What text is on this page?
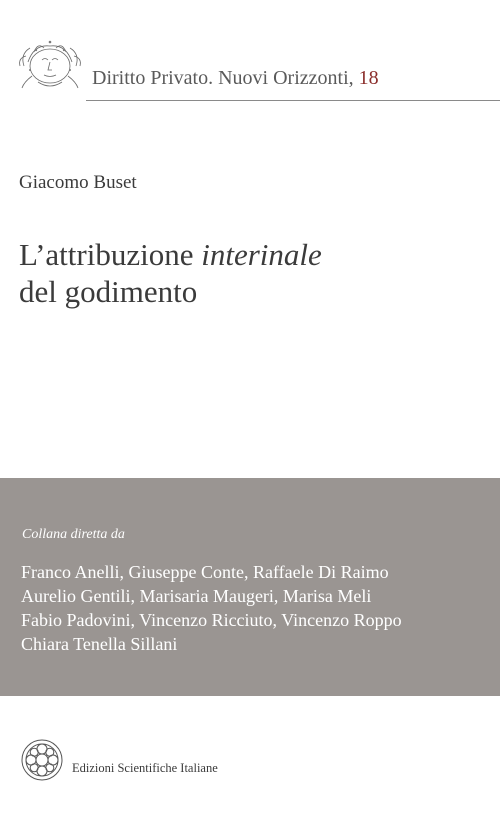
Diritto Privato. Nuovi Orizzonti, 18
Giacomo Buset
L’attribuzione interinale
del godimento
Collana diretta da
Franco Anelli, Giuseppe Conte, Raffaele Di Raimo
Aurelio Gentili, Marisaria Maugeri, Marisa Meli
Fabio Padovini, Vincenzo Ricciuto, Vincenzo Roppo
Chiara Tenella Sillani
Edizioni Scientifiche Italiane
